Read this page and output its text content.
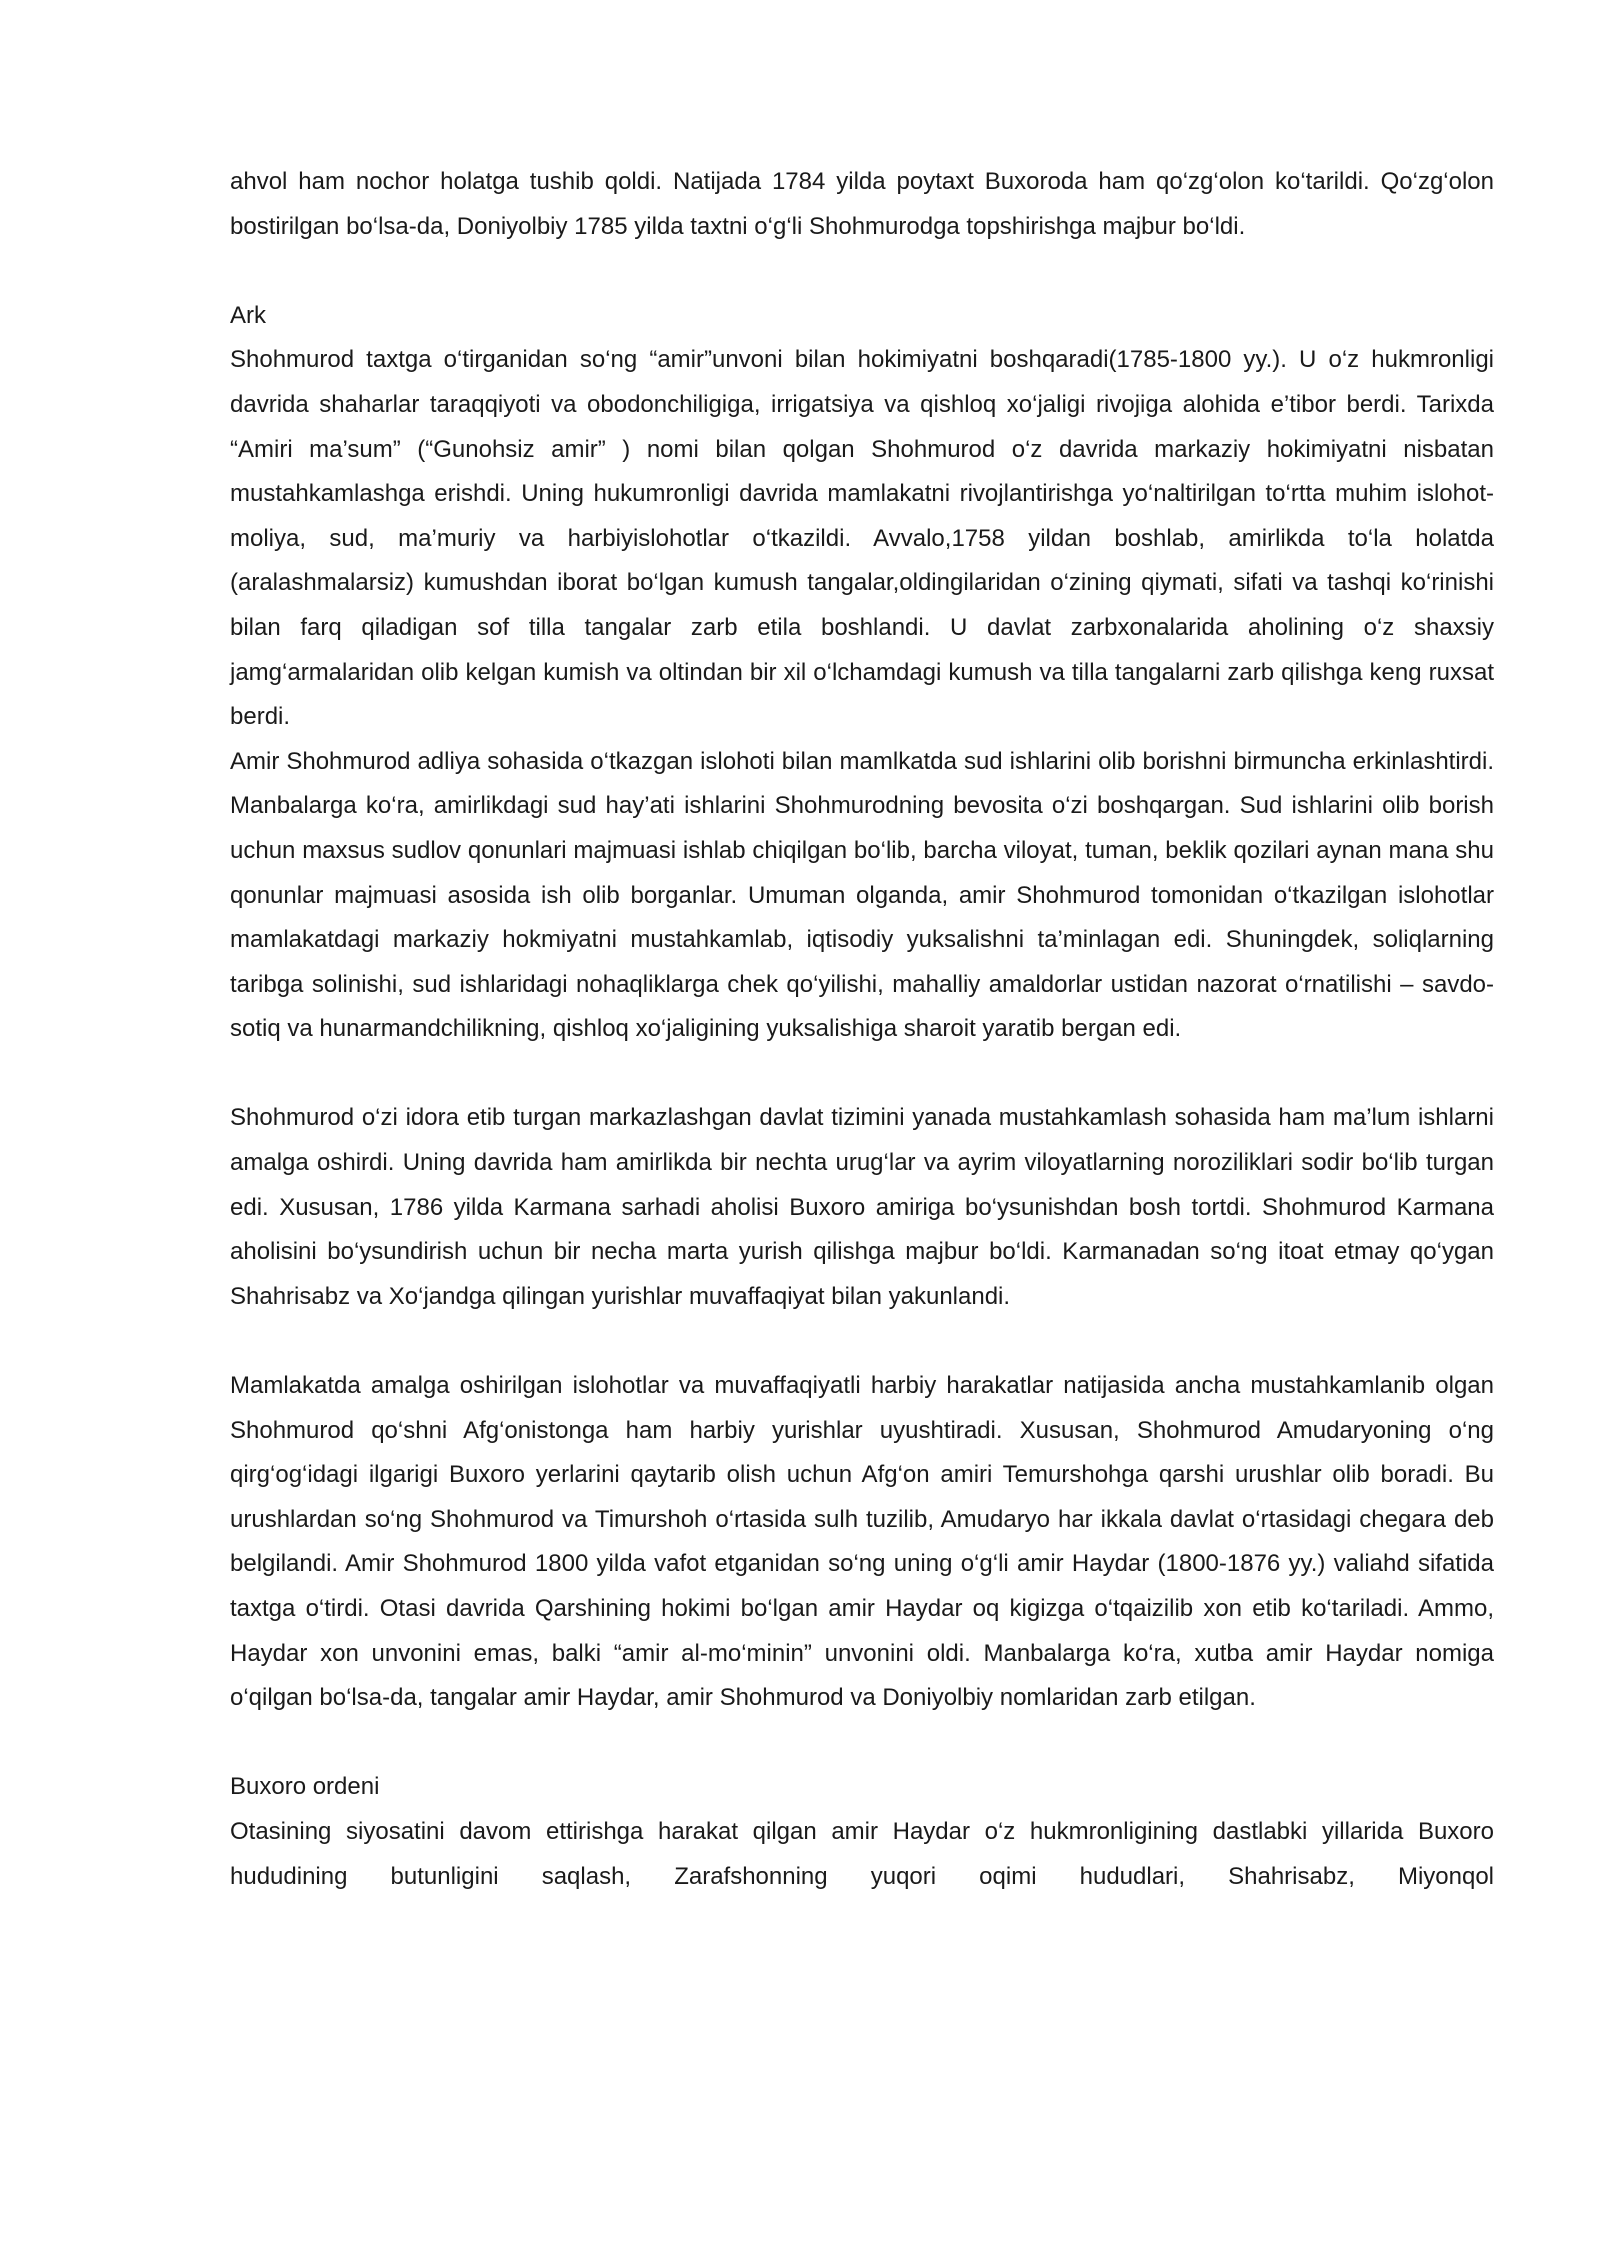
ahvol ham nochor holatga tushib qoldi. Natijada 1784 yilda poytaxt Buxoroda ham qo‘zg‘olon ko‘tarildi. Qo‘zg‘olon bostirilgan bo‘lsa-da, Doniyolbiy 1785 yilda taxtni o‘g‘li Shohmurodga topshirishga majbur bo‘ldi.

Ark

Shohmurod taxtga o‘tirganidan so‘ng “amir”unvoni bilan hokimiyatni boshqaradi(1785-1800 yy.). U o‘z hukmronligi davrida shaharlar taraqqiyoti va obodonchiligiga, irrigatsiya va qishloq xo‘jaligi rivojiga alohida e’tibor berdi. Tarixda “Amiri ma’sum” (“Gunohsiz amir” ) nomi bilan qolgan Shohmurod o‘z davrida markaziy hokimiyatni nisbatan mustahkamlashga erishdi. Uning hukumronligi davrida mamlakatni rivojlantirishga yo‘naltirilgan to‘rtta muhim islohot- moliya, sud, ma’muriy va harbiyislohotlar o‘tkazildi. Avvalo,1758 yildan boshlab, amirlikda to‘la holatda (aralashmalarsiz) kumushdan iborat bo‘lgan kumush tangalar,oldingilaridan o‘zining qiymati, sifati va tashqi ko‘rinishi bilan farq qiladigan sof tilla tangalar zarb etila boshlandi. U davlat zarbxonalarida aholining o‘z shaxsiy jamg‘armalaridan olib kelgan kumish va oltindan bir xil o‘lchamdagi kumush va tilla tangalarni zarb qilishga keng ruxsat berdi.

Amir Shohmurod adliya sohasida o‘tkazgan islohoti bilan mamlkatda sud ishlarini olib borishni birmuncha erkinlashtirdi. Manbalarga ko‘ra, amirlikdagi sud hay’ati ishlarini Shohmurodning bevosita o‘zi boshqargan. Sud ishlarini olib borish uchun maxsus sudlov qonunlari majmuasi ishlab chiqilgan bo‘lib, barcha viloyat, tuman, beklik qozilari aynan mana shu qonunlar majmuasi asosida ish olib borganlar. Umuman olganda, amir Shohmurod tomonidan o‘tkazilgan islohotlar mamlakatdagi markaziy hokmiyatni mustahkamlab, iqtisodiy yuksalishni ta’minlagan edi. Shuningdek, soliqlarning taribga solinishi, sud ishlaridagi nohaqliklarga chek qo‘yilishi, mahalliy amaldorlar ustidan nazorat o‘rnatilishi – savdo-sotiq va hunarmandchilikning, qishloq xo‘jaligining yuksalishiga sharoit yaratib bergan edi.

Shohmurod o‘zi idora etib turgan markazlashgan davlat tizimini yanada mustahkamlash sohasida ham ma’lum ishlarni amalga oshirdi. Uning davrida ham amirlikda bir nechta urug‘lar va ayrim viloyatlarning noroziliklari sodir bo‘lib turgan edi. Xususan, 1786 yilda Karmana sarhadi aholisi Buxoro amiriga bo‘ysunishdan bosh tortdi. Shohmurod Karmana aholisini bo‘ysundirish uchun bir necha marta yurish qilishga majbur bo‘ldi. Karmanadan so‘ng itoat etmay qo‘ygan Shahrisabz va Xo‘jandga qilingan yurishlar muvaffaqiyat bilan yakunlandi.

Mamlakatda amalga oshirilgan islohotlar va muvaffaqiyatli harbiy harakatlar natijasida ancha mustahkamlanib olgan Shohmurod qo‘shni Afg‘onistonga ham harbiy yurishlar uyushtiradi. Xususan, Shohmurod Amudaryoning o‘ng qirg‘og‘idagi ilgarigi Buxoro yerlarini qaytarib olish uchun Afg‘on amiri Temurshohga qarshi urushlar olib boradi. Bu urushlardan so‘ng Shohmurod va Timurshoh o‘rtasida sulh tuzilib, Amudaryo har ikkala davlat o‘rtasidagi chegara deb belgilandi. Amir Shohmurod 1800 yilda vafot etganidan so‘ng uning o‘g‘li amir Haydar (1800-1876 yy.) valiahd sifatida taxtga o‘tirdi. Otasi davrida Qarshining hokimi bo‘lgan amir Haydar oq kigizga o‘tqaizilib xon etib ko‘tariladi. Ammo, Haydar xon unvonini emas, balki “amir al-mo‘minin” unvonini oldi. Manbalarga ko‘ra, xutba amir Haydar nomiga o‘qilgan bo‘lsa-da, tangalar amir Haydar, amir Shohmurod va Doniyolbiy nomlaridan zarb etilgan.

Buxoro ordeni

Otasining siyosatini davom ettirishga harakat qilgan amir Haydar o‘z hukmronligining dastlabki yillarida Buxoro hududining butunligini saqlash, Zarafshonning yuqori oqimi hududlari, Shahrisabz, Miyonqol
